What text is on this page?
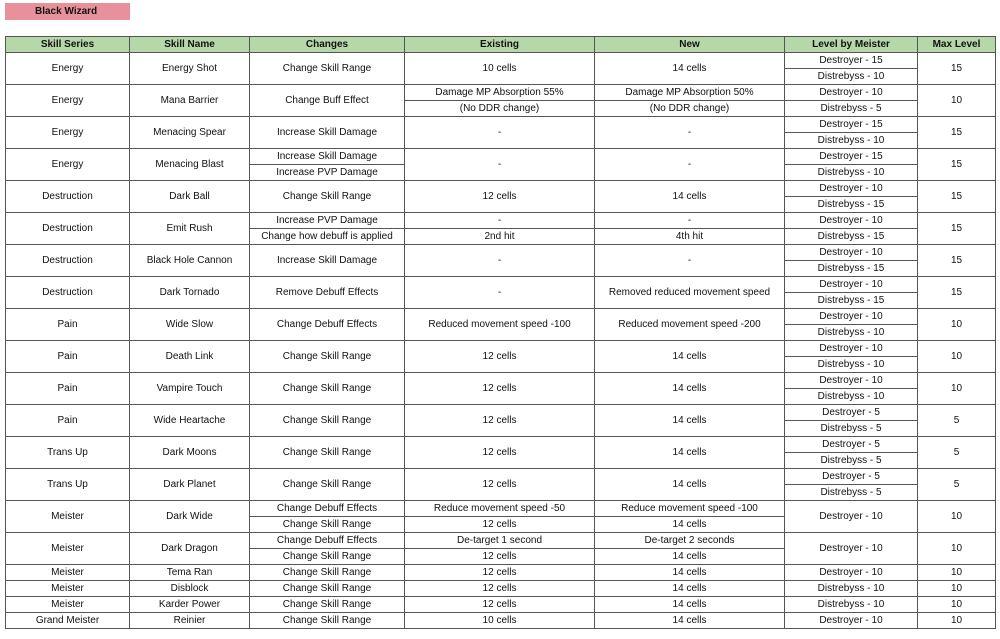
Black Wizard
Skill Series	Skill Name	Changes	Existing	New	Level by Meister	Max Level
Energy	Energy Shot	Change Skill Range	10 cells	14 cells	Destroyer - 15	15
					Distrebyss - 10	
Energy	Mana Barrier	Change Buff Effect	Damage MP Absorption 55%	Damage MP Absorption 50%	Destroyer - 10	10
			(No DDR change)	(No DDR change)	Distrebyss - 5	
Energy	Menacing Spear	Increase Skill Damage	-	-	Destroyer - 15	15
					Distrebyss - 10	
Energy	Menacing Blast	Increase Skill Damage	-	-	Destroyer - 15	15
		Increase PVP Damage			Distrebyss - 10	
Destruction	Dark Ball	Change Skill Range	12 cells	14 cells	Destroyer - 10	15
					Distrebyss - 15	
Destruction	Emit Rush	Increase PVP Damage	-	-	Destroyer - 10	15
		Change how debuff is applied	2nd hit	4th hit	Distrebyss - 15	
Destruction	Black Hole Cannon	Increase Skill Damage	-	-	Destroyer - 10	15
					Distrebyss - 15	
Destruction	Dark Tornado	Remove Debuff Effects	-	Removed reduced movement speed	Destroyer - 10	15
					Distrebyss - 15	
Pain	Wide Slow	Change Debuff Effects	Reduced movement speed -100	Reduced movement speed -200	Destroyer - 10	10
					Distrebyss - 10	
Pain	Death Link	Change Skill Range	12 cells	14 cells	Destroyer - 10	10
					Distrebyss - 10	
Pain	Vampire Touch	Change Skill Range	12 cells	14 cells	Destroyer - 10	10
					Distrebyss - 10	
Pain	Wide Heartache	Change Skill Range	12 cells	14 cells	Destroyer - 5	5
					Distrebyss - 5	
Trans Up	Dark Moons	Change Skill Range	12 cells	14 cells	Destroyer - 5	5
					Distrebyss - 5	
Trans Up	Dark Planet	Change Skill Range	12 cells	14 cells	Destroyer - 5	5
					Distrebyss - 5	
Meister	Dark Wide	Change Debuff Effects	Reduce movement speed -50	Reduce movement speed -100	Destroyer - 10	10
		Change Skill Range	12 cells	14 cells		
Meister	Dark Dragon	Change Debuff Effects	De-target 1 second	De-target 2 seconds	Destroyer - 10	10
		Change Skill Range	12 cells	14 cells		
Meister	Tema Ran	Change Skill Range	12 cells	14 cells	Destroyer - 10	10
Meister	Disblock	Change Skill Range	12 cells	14 cells	Distrebyss - 10	10
Meister	Karder Power	Change Skill Range	12 cells	14 cells	Distrebyss - 10	10
Grand Meister	Reinier	Change Skill Range	10 cells	14 cells	Destroyer - 10	10
